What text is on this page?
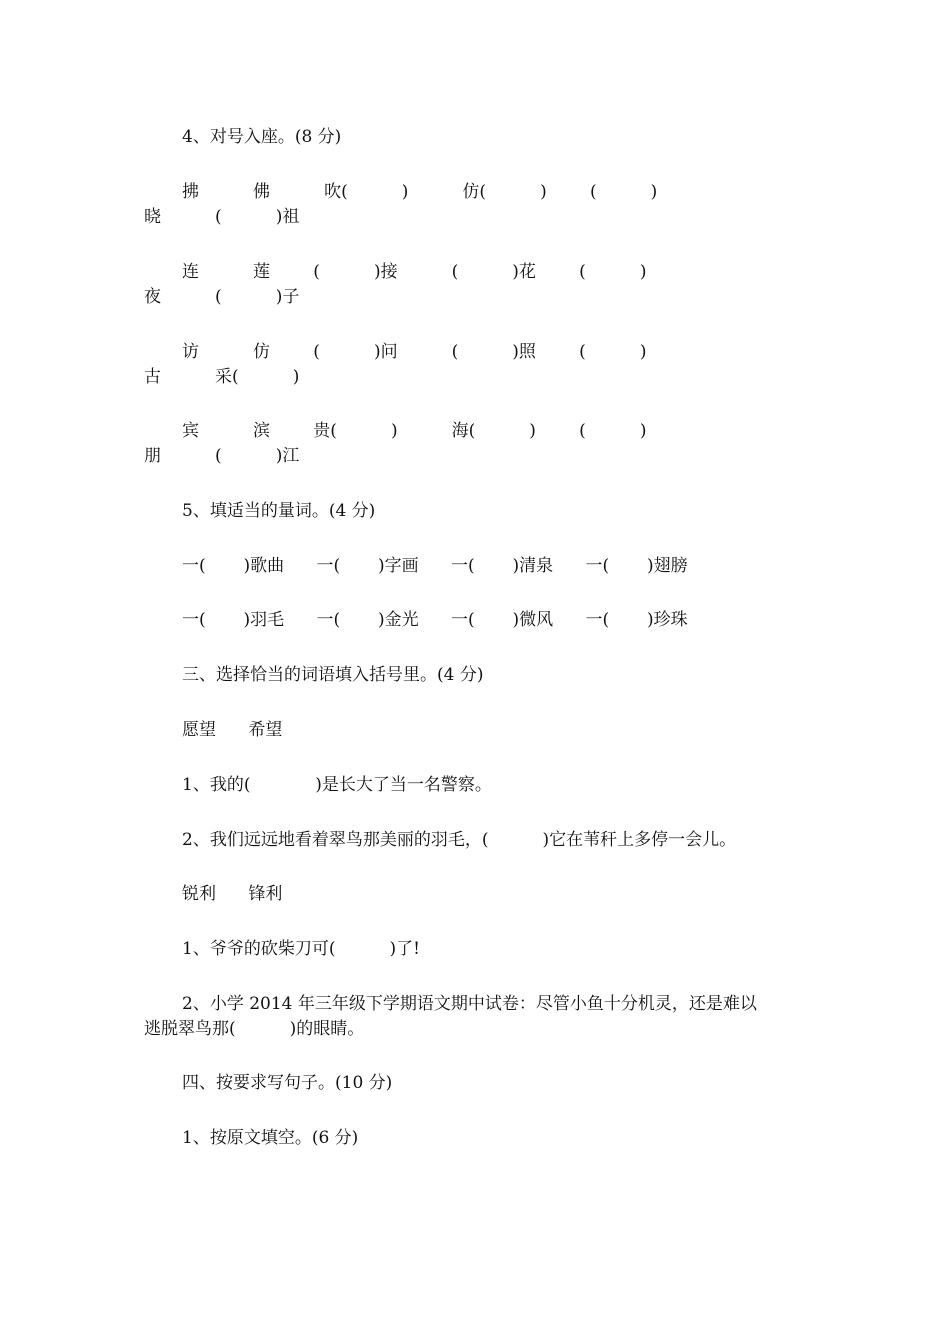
4、对号入座。(8 分)
拂          佛          吹(          )          仿(          )        (          )
晓          (          )祖
连          莲        (          )接          (          )花        (          )
夜          (          )子
访          仿        (          )问          (          )照        (          )
古          采(          )
宾          滨        贵(          )          海(          )        (          )
朋          (          )江
5、填适当的量词。(4 分)
一(       )歌曲      一(       )字画      一(       )清泉      一(       )翅膀
一(       )羽毛      一(       )金光      一(       )微风      一(       )珍珠
三、选择恰当的词语填入括号里。(4 分)
愿望      希望
1、我的(            )是长大了当一名警察。
2、我们远远地看着翠鸟那美丽的羽毛，(          )它在苇秆上多停一会儿。
锐利      锋利
1、爷爷的砍柴刀可(          )了!
2、小学 2014 年三年级下学期语文期中试卷：尽管小鱼十分机灵，还是难以
逃脱翠鸟那(          )的眼睛。
四、按要求写句子。(10 分)
1、按原文填空。(6 分)
